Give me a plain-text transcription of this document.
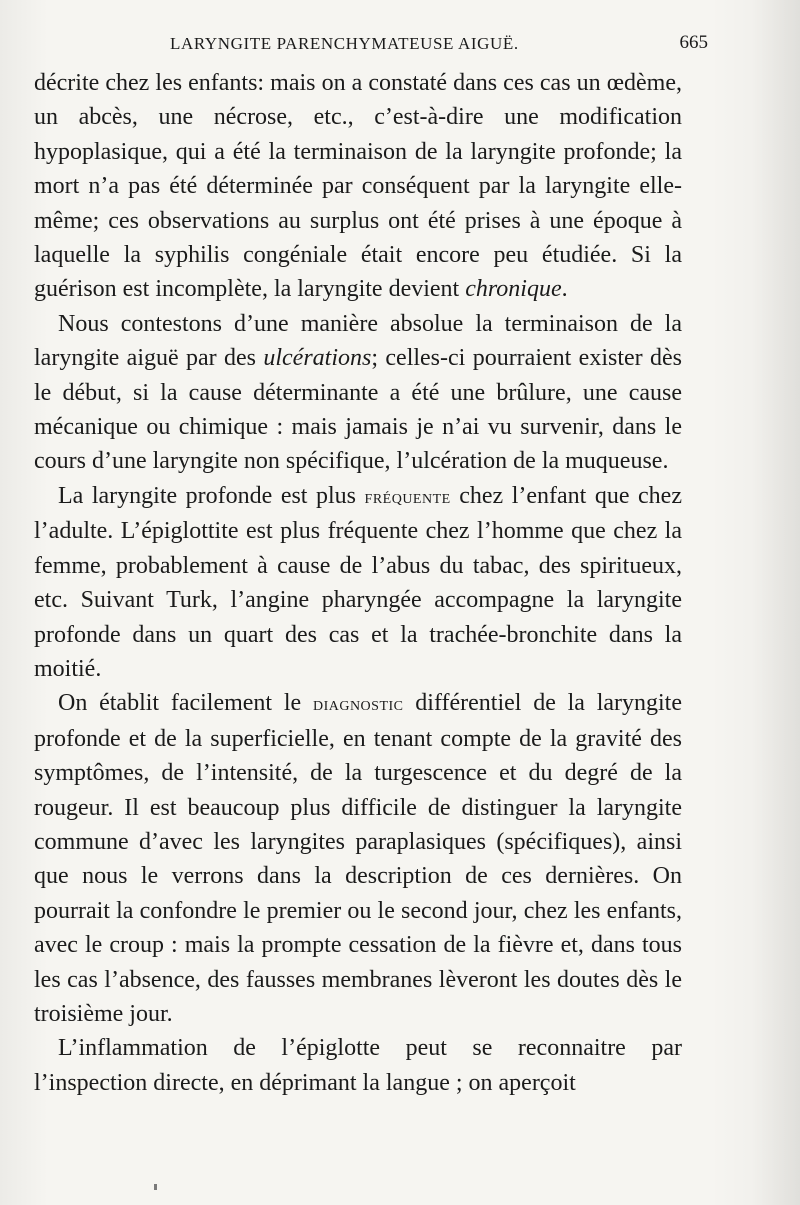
LARYNGITE PARENCHYMATEUSE AIGUË.	665

décrite chez les enfants: mais on a constaté dans ces cas un œdème, un abcès, une nécrose, etc., c’est-à-dire une modification hypoplasique, qui a été la terminaison de la laryngite profonde; la mort n’a pas été déterminée par conséquent par la laryngite elle-même; ces observations au surplus ont été prises à une époque à laquelle la syphilis congéniale était encore peu étudiée. Si la guérison est incomplète, la laryngite devient chronique.

Nous contestons d’une manière absolue la terminaison de la laryngite aiguë par des ulcérations; celles-ci pourraient exister dès le début, si la cause déterminante a été une brûlure, une cause mécanique ou chimique : mais jamais je n’ai vu survenir, dans le cours d’une laryngite non spécifique, l’ulcération de la muqueuse.

La laryngite profonde est plus fréquente chez l’enfant que chez l’adulte. L’épiglottite est plus fréquente chez l’homme que chez la femme, probablement à cause de l’abus du tabac, des spiritueux, etc. Suivant Turk, l’angine pharyngée accompagne la laryngite profonde dans un quart des cas et la trachée-bronchite dans la moitié.

On établit facilement le diagnostic différentiel de la laryngite profonde et de la superficielle, en tenant compte de la gravité des symptômes, de l’intensité, de la turgescence et du degré de la rougeur. Il est beaucoup plus difficile de distinguer la laryngite commune d’avec les laryngites paraplasiques (spécifiques), ainsi que nous le verrons dans la description de ces dernières. On pourrait la confondre le premier ou le second jour, chez les enfants, avec le croup : mais la prompte cessation de la fièvre et, dans tous les cas l’absence, des fausses membranes lèveront les doutes dès le troisième jour.

L’inflammation de l’épiglotte peut se reconnaitre par l’inspection directe, en déprimant la langue ; on aperçoit
